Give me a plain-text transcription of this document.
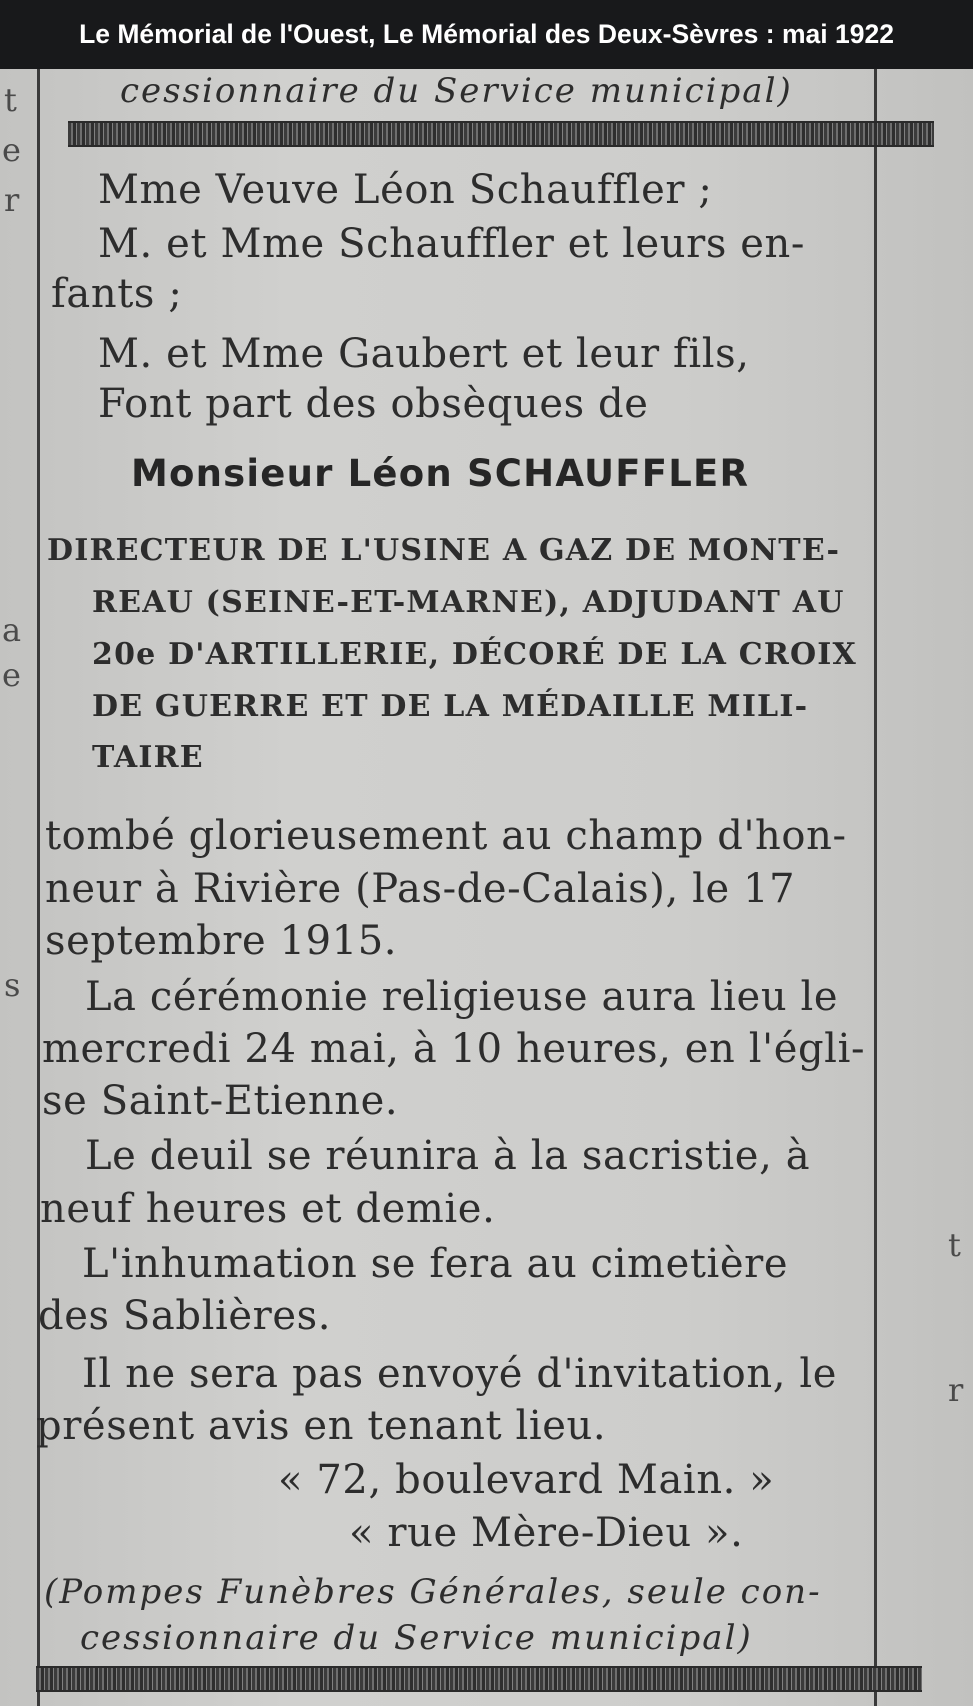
Le Mémorial de l'Ouest, Le Mémorial des Deux-Sèvres : mai 1922
t
e
r
a
e
s
t
r
cessionnaire du Service municipal)
Mme Veuve Léon Schauffler ;
M. et Mme Schauffler et leurs en-
fants ;
M. et Mme Gaubert et leur fils,
Font part des obsèques de
Monsieur Léon SCHAUFFLER
DIRECTEUR DE L'USINE A GAZ DE MONTE-
REAU (SEINE-ET-MARNE), ADJUDANT AU
20e D'ARTILLERIE, DÉCORÉ DE LA CROIX
DE GUERRE ET DE LA MÉDAILLE MILI-
TAIRE
tombé glorieusement au champ d'hon-
neur à Rivière (Pas-de-Calais), le 17
septembre 1915.
La cérémonie religieuse aura lieu le
mercredi 24 mai, à 10 heures, en l'égli-
se Saint-Etienne.
Le deuil se réunira à la sacristie, à
neuf heures et demie.
L'inhumation se fera au cimetière
des Sablières.
Il ne sera pas envoyé d'invitation, le
présent avis en tenant lieu.
« 72, boulevard Main. »
« rue Mère-Dieu ».
(Pompes Funèbres Générales, seule con-
cessionnaire du Service municipal)
